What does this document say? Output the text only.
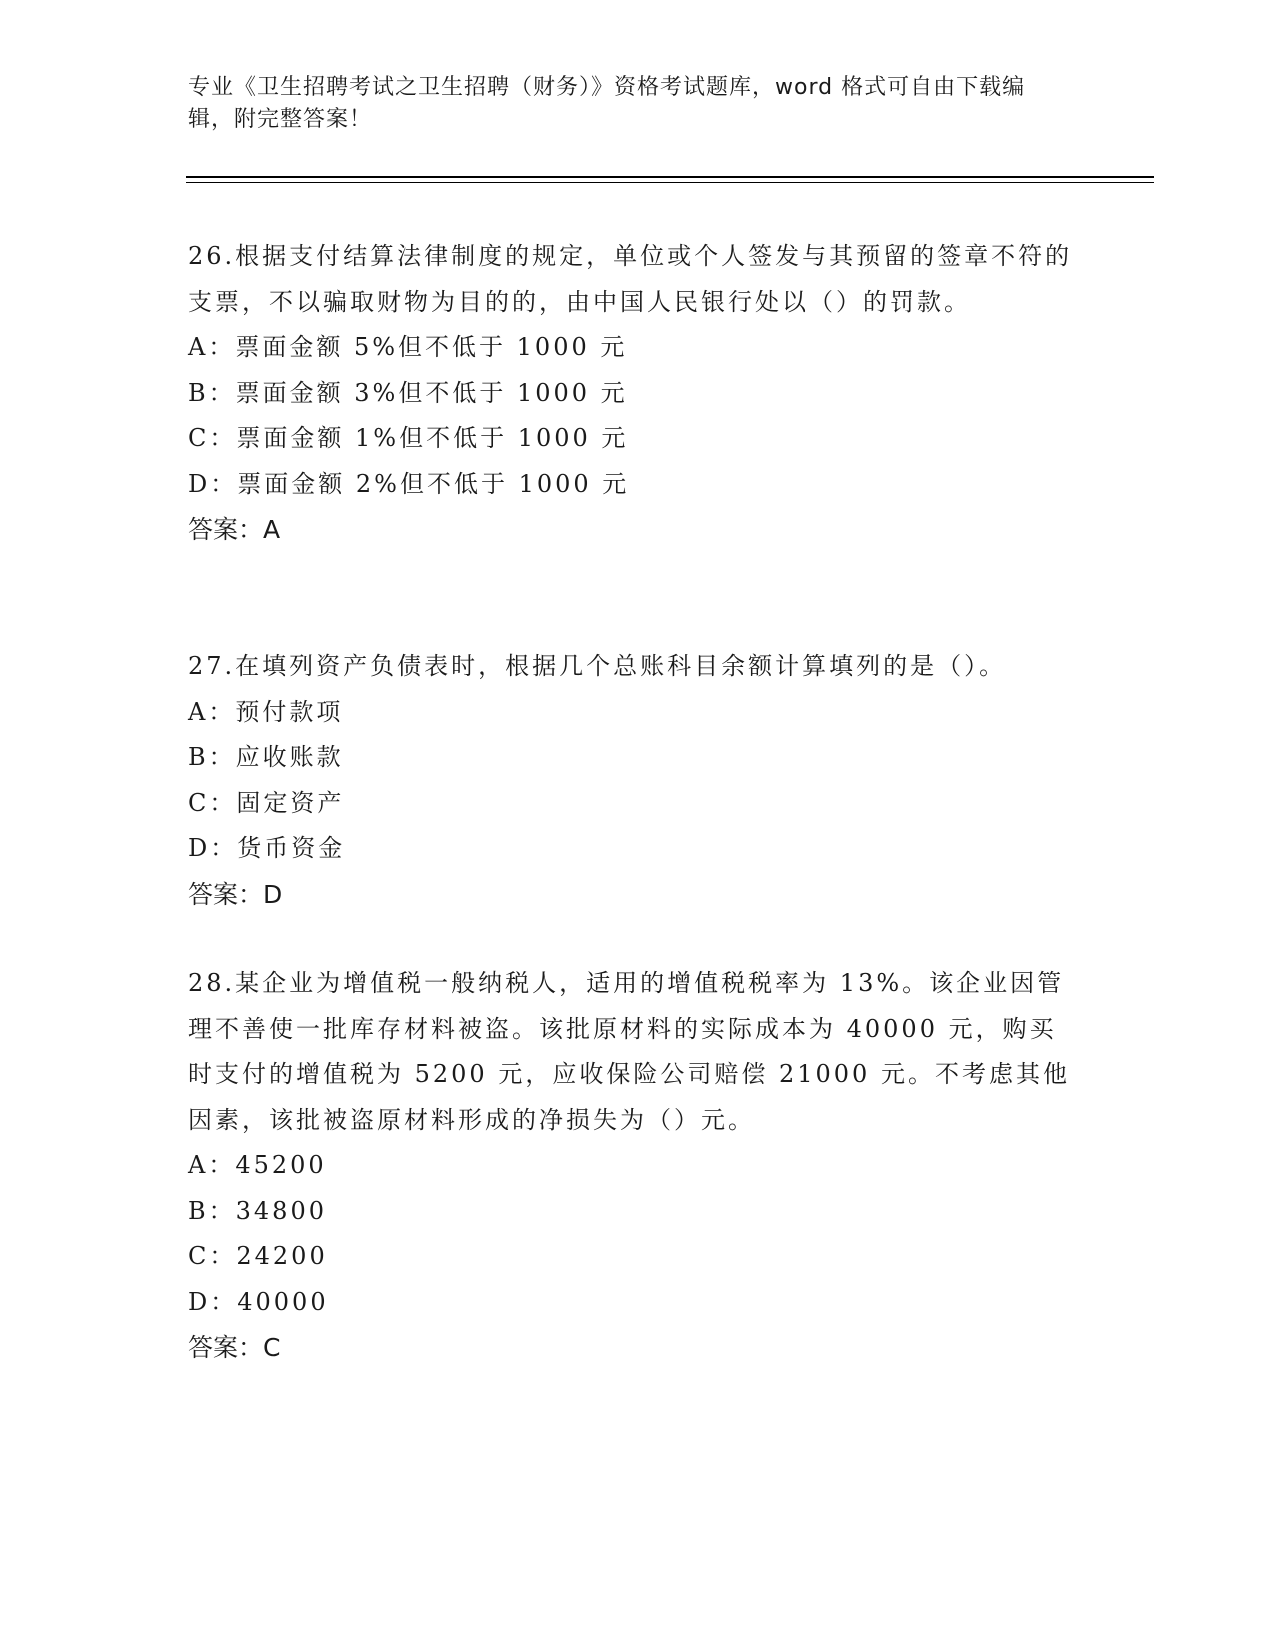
专业《卫生招聘考试之卫生招聘（财务）》资格考试题库，word 格式可自由下载编辑，附完整答案！

26.根据支付结算法律制度的规定，单位或个人签发与其预留的签章不符的支票，不以骗取财物为目的的，由中国人民银行处以（）的罚款。

A：票面金额 5%但不低于 1000 元

B：票面金额 3%但不低于 1000 元

C：票面金额 1%但不低于 1000 元

D：票面金额 2%但不低于 1000 元

答案：A

27.在填列资产负债表时，根据几个总账科目余额计算填列的是（）。

A：预付款项

B：应收账款

C：固定资产

D：货币资金

答案：D

28.某企业为增值税一般纳税人，适用的增值税税率为 13%。该企业因管理不善使一批库存材料被盗。该批原材料的实际成本为 40000 元，购买时支付的增值税为 5200 元，应收保险公司赔偿 21000 元。不考虑其他因素，该批被盗原材料形成的净损失为（）元。

A：45200

B：34800

C：24200

D：40000

答案：C
